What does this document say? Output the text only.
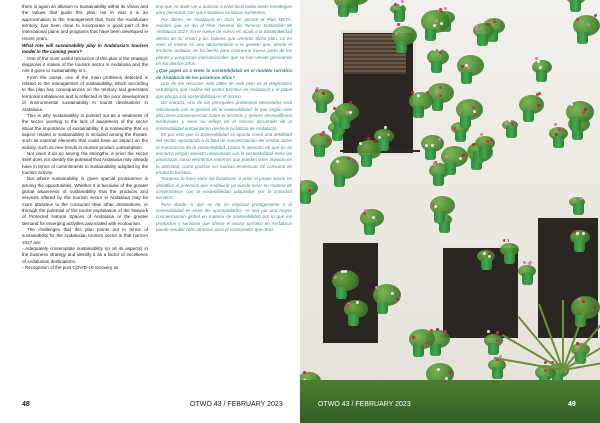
there is again an allusion to Sustainability within its Vision and the Values that guide this plan, not in vain it is an approximation to the management that, from the Andalusian territory, has been done to incorporate a good part of the international plans and programs that have been developed in recent years.

What role will sustainability play in Andalusia's tourism model in the coming years?

One of the most useful resources of this plan is the strategic diagnosis it makes of the tourism sector in Andalusia and the role it gives to sustainability in it.

From the outset, one of the main problems detected is related to the management of sustainability, which according to this plan has consequences on the territory and generates territorial imbalances and is reflected in the poor development of environmental sustainability in tourist destinations in Andalusia.

This is why sustainability is pointed out as a weakness of the sector, pointing to the lack of awareness of the sector about the importance of sustainability. It is noteworthy that no aspect related to sustainability is included among the threats, such as external elements that could have an impact on the activity, such as new trends in tourism product consumption.

Nor does it do so among the strengths, a priori the sector itself does not identify the potential that Andalusia may already have in terms of commitments to sustainability adopted by the tourism activity.

But where sustainability is given special prominence is among the opportunities. Whether it is because of the greater global awareness of sustainability that the products and services offered by the tourism sector in Andalusia may be more attractive to the consumer than other destinations, or through the potential of the tourist exploitation of the Network of Protected Natural Spaces of Andalusia or the greater demand for emerging activities associated with ecotourism.

The challenges that this plan points out in terms of sustainability for the Andalusian tourism sector in that horizon 2027 are:

- Adequately contemplate sustainability (in all its aspects) in the business strategy and identify it as a factor of excellence of Andalusian destinations.

- Recognition of the post COVID-19 recovery as

tino que no dude ver a avanzar a nivel local todas estas estrategias para plenamas con sus iniciativas turísticos existentes.

Por último, en Andalucía en 2021 se aprobó el Plan META, nombre que se dio al Plan General de Turismo Sostenible de Andalucía 2027. En el vuelve de nuevo en aludir a la Sostenibilidad dentro de su Visión y los Valores que orientan dicho plan, no en vano el mismo es una aproximación a la gestión que, desde el territorio andaluz, se ha hecho para incorporar buena parte de los planes y programas internacionales que se han venido generando en los últimos años.

¿Qué papel va a tener la sostenibilidad en el modelo turístico de Andalucía de los próximos años?

Uno de los recursos más útiles de este plan es el diagnóstico estratégico que realiza del sector turístico en Andalucía y el papel que otorga a la sostenibilidad en el mismo.

De entrada, uno de los principales problemas detectados está relacionado con la gestión de la sostenibilidad, lo que según este plan tiene consecuencias sobre el territorio y genera desequilibrios territoriales y tiene su reflejo en el escaso desarrollo de la sostenibilidad ambiental en destinos turísticos de Andalucía.

Es por esto que la Sostenibilidad se apunta como una debilidad del sector, apuntando a la falta de concienciación del mismo sobre la importancia de la sostenibilidad. Llama la atención de que no se enmarca ningún aspecto relacionado con la sostenibilidad entre las amenazas, como elementos externos que pueden tener impacto en la actividad, como podrían ser nuevas tendencias de consumo de producto turístico.

Tampoco lo hace entre las fortalezas; a priori el propio sector no identifica el potencial que Andalucía ya puede tener en materia de compromisos con la sostenibilidad adoptados por la actividad turística.

Pero donde sí que se da un especial protagonismo a la sostenibilidad es entre las oportunidades. Ya sea por una mayor concienciación global en materia de sostenibilidad por la que los productos y servicios que ofrece el sector turístico en Andalucía puede resultar más atractivo para el consumidor que otros

48	OTWO 43 / FEBRUARY 2023	OTWO 43 / FEBRUARY 2023	49
